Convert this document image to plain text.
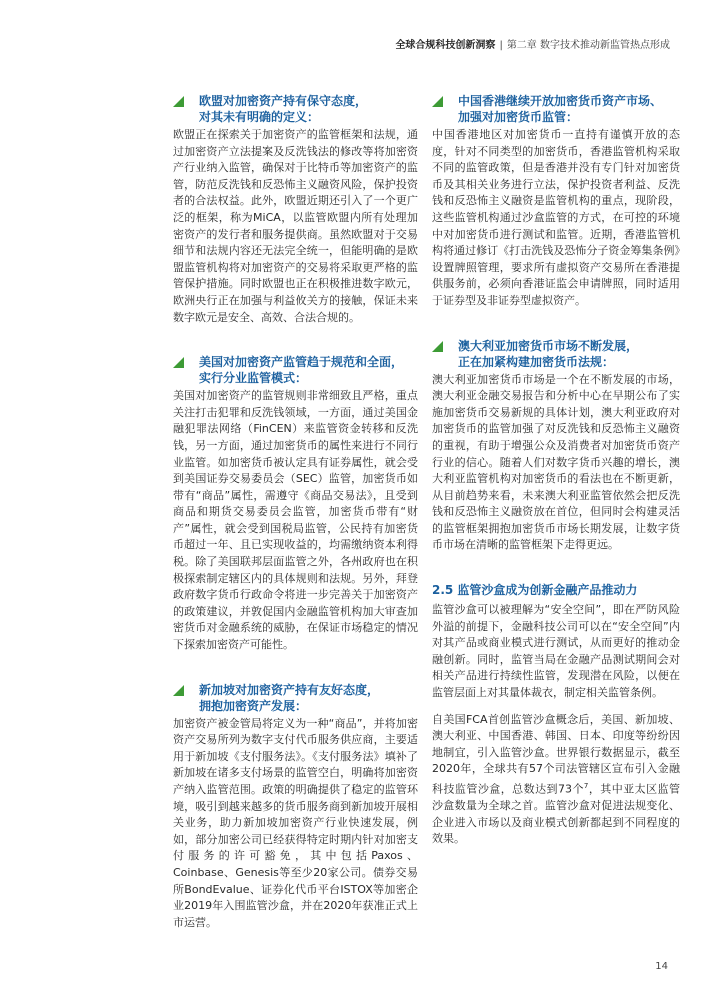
全球合规科技创新洞察 | 第二章 数字技术推动新监管热点形成
欧盟对加密资产持有保守态度，
对其未有明确的定义：

欧盟正在探索关于加密资产的监管框架和法规，通过加密资产立法提案及反洗钱法的修改等将加密资产行业纳入监管，确保对于比特币等加密资产的监管，防范反洗钱和反恐怖主义融资风险，保护投资者的合法权益。此外，欧盟近期还引入了一个更广泛的框架，称为MiCA，以监管欧盟内所有处理加密资产的发行者和服务提供商。虽然欧盟对于交易细节和法规内容还无法完全统一，但能明确的是欧盟监管机构将对加密资产的交易将采取更严格的监管保护措施。同时欧盟也正在积极推进数字欧元，欧洲央行正在加强与利益攸关方的接触，保证未来数字欧元是安全、高效、合法合规的。

美国对加密资产监管趋于规范和全面，
实行分业监管模式：

美国对加密资产的监管规则非常细致且严格，重点关注打击犯罪和反洗钱领域，一方面，通过美国金融犯罪法网络（FinCEN）来监管资金转移和反洗钱，另一方面，通过加密货币的属性来进行不同行业监管。如加密货币被认定具有证券属性，就会受到美国证券交易委员会（SEC）监管，加密货币如带有“商品”属性，需遵守《商品交易法》，且受到商品和期货交易委员会监管，加密货币带有“财产”属性，就会受到国税局监管，公民持有加密货币超过一年、且已实现收益的，均需缴纳资本利得税。除了美国联邦层面监管之外，各州政府也在积极探索制定辖区内的具体规则和法规。另外，拜登政府数字货币行政命令将进一步完善关于加密资产的政策建议，并敦促国内金融监管机构加大审查加密货币对金融系统的威胁，在保证市场稳定的情况下探索加密资产可能性。

新加坡对加密资产持有友好态度，
拥抱加密资产发展：

加密资产被金管局将定义为一种“商品”，并将加密资产交易所列为数字支付代币服务供应商，主要适用于新加坡《支付服务法》。《支付服务法》填补了新加坡在诸多支付场景的监管空白，明确将加密资产纳入监管范围。政策的明确提供了稳定的监管环境，吸引到越来越多的货币服务商到新加坡开展相关业务，助力新加坡加密资产行业快速发展，例如，部分加密公司已经获得特定时期内针对加密支付服务的许可豁免，其中包括Paxos、Coinbase、Genesis等至少20家公司。债券交易所BondEvalue、证券化代币平台ISTOX等加密企业2019年入围监管沙盒，并在2020年获准正式上市运营。

中国香港继续开放加密货币资产市场、
加强对加密货币监管：

中国香港地区对加密货币一直持有谨慎开放的态度，针对不同类型的加密货币，香港监管机构采取不同的监管政策，但是香港并没有专门针对加密货币及其相关业务进行立法，保护投资者利益、反洗钱和反恐怖主义融资是监管机构的重点，现阶段，这些监管机构通过沙盒监管的方式，在可控的环境中对加密货币进行测试和监管。近期，香港监管机构将通过修订《打击洗钱及恐怖分子资金筹集条例》设置牌照管理，要求所有虚拟资产交易所在香港提供服务前，必须向香港证监会申请牌照，同时适用于证券型及非证券型虚拟资产。

澳大利亚加密货币市场不断发展，
正在加紧构建加密货币法规：

澳大利亚加密货币市场是一个在不断发展的市场，澳大利亚金融交易报告和分析中心在早期公布了实施加密货币交易新规的具体计划，澳大利亚政府对加密货币的监管加强了对反洗钱和反恐怖主义融资的重视，有助于增强公众及消费者对加密货币资产行业的信心。随着人们对数字货币兴趣的增长，澳大利亚监管机构对加密货币的看法也在不断更新，从目前趋势来看，未来澳大利亚监管依然会把反洗钱和反恐怖主义融资放在首位，但同时会构建灵活的监管框架拥抱加密货币市场长期发展，让数字货币市场在清晰的监管框架下走得更远。

2.5 监管沙盒成为创新金融产品推动力

监管沙盒可以被理解为“安全空间”，即在严防风险外溢的前提下，金融科技公司可以在“安全空间”内对其产品或商业模式进行测试，从而更好的推动金融创新。同时，监管当局在金融产品测试期间会对相关产品进行持续性监管，发现潜在风险，以便在监管层面上对其量体裁衣，制定相关监管条例。

自美国FCA首创监管沙盒概念后，美国、新加坡、澳大利亚、中国香港、韩国、日本、印度等纷纷因地制宜，引入监管沙盒。世界银行数据显示，截至2020年，全球共有57个司法管辖区宣布引入金融科技监管沙盒，总数达到73个$^7$，其中亚太区监管沙盒数量为全球之首。监管沙盒对促进法规变化、企业进入市场以及商业模式创新都起到不同程度的效果。

14
